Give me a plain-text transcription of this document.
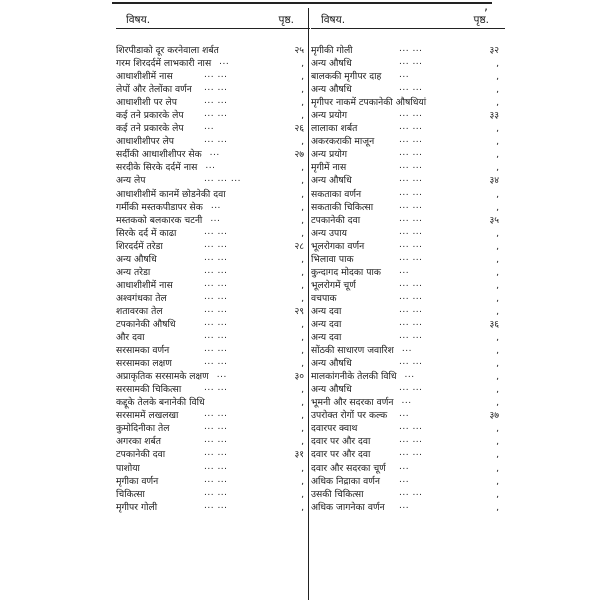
,
विषय.	पृष्ठ.
शिरपीडाको दूर करनेवाला शर्बत	२५
गरम शिरदर्दमें लाभकारी नास ...	,
आधाशीशीमें नास	... ...	,
लेपों और तेलोंका वर्णन ... ...	,
आधाशीशी पर लेप	... ...	,
कई तने प्रकारके लेप ... ...	,
कई तने प्रकारके लेप ...	२६
आधाशीशीपर लेप	... ...	,
सर्दीकी आधाशीशीपर सेक ...	२७
सरदीके सिरके दर्दमें नास ...	,
अन्य लेप	... ... ...	,
आधाशीशीमें कानमें छोडनेकी दवा	,
गर्मीकी मस्तकपीडापर सेक ...	,
मस्तकको बलकारक चटनी ...	,
सिरके दर्द में काढा	... ...	,
शिरदर्दमें तरेडा	... ...	२८
अन्य औषधि	... ...	,
अन्य तरेडा	... ...	,
आधाशीशीमें नास	... ...	,
अश्वगंधका तेल	... ...	,
शतावरका तेल	... ...	२९
टपकानेकी औषधि	... ...	,
और दवा	... ...	,
सरसामका वर्णन	... ...	,
सरसामका लक्षण	... ...	,
अप्राकृतिक सरसामके लक्षण ...	३०
सरसामकी चिकित्सा	... ...	,
कद्दूके तेलके बनानेकी विधि	,
सरसाममें लखलखा	... ...	,
कुमोदिनीका तेल	... ...	,
अगरका शर्बत	... ...	,
टपकानेकी दवा	... ...	३१
पाशोया	... ...	,
मृगीका वर्णन	... ...	,
चिकित्सा	... ...	,
मृगीपर गोली	... ...	,
विषय.	पृष्ठ.
मृगीकी गोली	... ...	३२
अन्य औषधि	... ...	,
बालककी मृगीपर दाह ...	,
अन्य औषधि	... ...	,
मृगीपर नाकमें टपकानेकी औषधियां	,
अन्य प्रयोग	... ...	३३
लालाका शर्बत	... ...	,
अकरकराकी माजून	... ...	,
अन्य प्रयोग	... ...	,
मृगीमें नास	... ...	,
अन्य औषधि	... ...	३४
सकताका वर्णन	... ...	,
सकताकी चिकित्सा	... ...	,
टपकानेकी दवा	... ...	३५
अन्य उपाय	... ...	,
भूलरोगका वर्णन	... ...	,
भिलावा पाक	... ...	,
कुन्दागद मोदका पाक ...	,
भूलरोगमें चूर्ण	... ...	,
वचपाक	... ...	,
अन्य दवा	... ...	,
अन्य दवा	... ...	३६
अन्य दवा	... ...	,
सोंठकी साधारण जवारिश ...	,
अन्य औषधि	... ...	,
मालकांगनीके तेलकी विधि ...	,
अन्य औषधि	... ...	,
भूमनी और सदरका वर्णन ...	,
उपरोक्त रोगों पर कल्क ...	३७
दवारपर क्वाथ	... ...	,
दवार पर और दवा	... ...	,
दवार पर और दवा	... ...	,
दवार और सदरका चूर्ण ...	,
अधिक निद्राका वर्णन ...	,
उसकी चिकित्सा	... ...	,
अधिक जागनेका वर्णन ...	,
